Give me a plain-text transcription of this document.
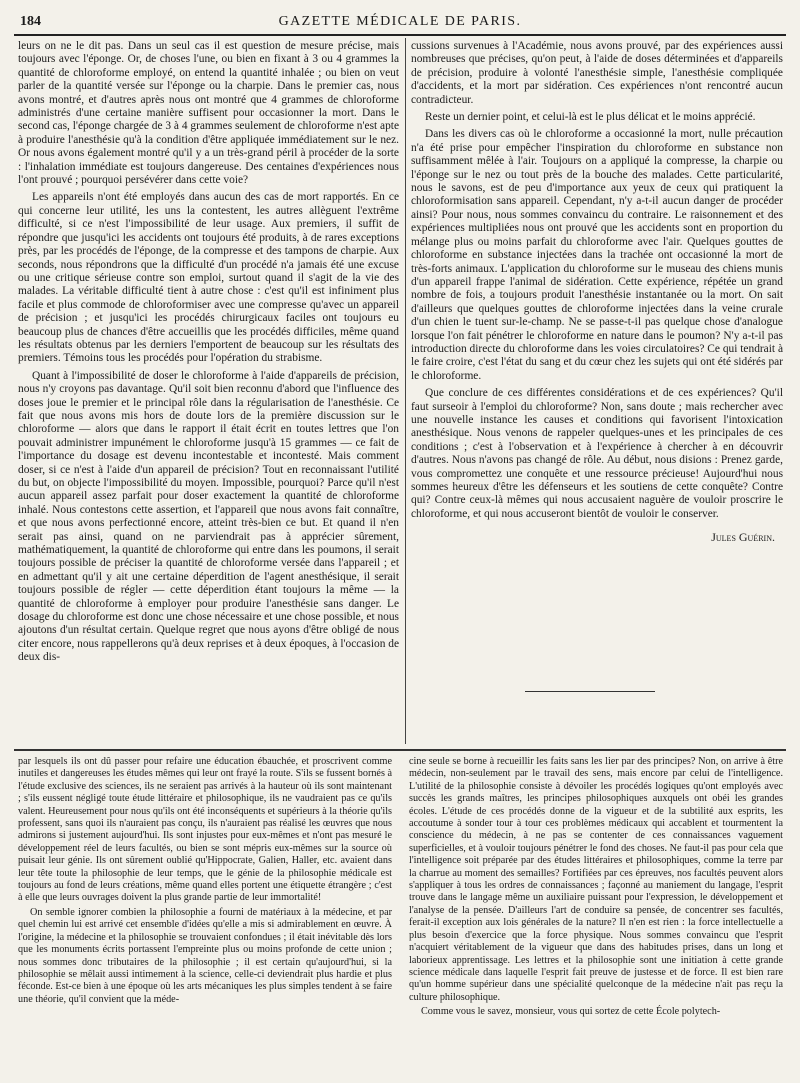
184	GAZETTE MÉDICALE DE PARIS.

leurs on ne le dit pas. Dans un seul cas il est question de mesure précise, mais toujours avec l'éponge. Or, de choses l'une, ou bien en fixant à 3 ou 4 grammes la quantité de chloroforme employé, on entend la quantité inhalée ; ou bien on veut parler de la quantité versée sur l'éponge ou la charpie. Dans le premier cas, nous avons montré, et d'autres après nous ont montré que 4 grammes de chloroforme administrés d'une certaine manière suffisent pour occasionner la mort. Dans le second cas, l'éponge chargée de 3 à 4 grammes seulement de chloroforme n'est apte à produire l'anesthésie qu'à la condition d'être appliquée immédiatement sur le nez. Or nous avons également montré qu'il y a un très-grand péril à procéder de la sorte : l'inhalation immédiate est toujours dangereuse. Des centaines d'expériences nous l'ont prouvé ; pourquoi persévérer dans cette voie?

Les appareils n'ont été employés dans aucun des cas de mort rapportés. En ce qui concerne leur utilité, les uns la contestent, les autres allèguent l'extrême difficulté, si ce n'est l'impossibilité de leur usage. Aux premiers, il suffit de répondre que jusqu'ici les accidents ont toujours été produits, à de rares exceptions près, par les procédés de l'éponge, de la compresse et des tampons de charpie. Aux seconds, nous répondrons que la difficulté d'un procédé n'a jamais été une excuse ou une critique sérieuse contre son emploi, surtout quand il s'agit de la vie des malades. La véritable difficulté tient à autre chose : c'est qu'il est infiniment plus facile et plus commode de chloroformiser avec une compresse qu'avec un appareil de précision ; et jusqu'ici les procédés chirurgicaux faciles ont toujours eu beaucoup plus de chances d'être accueillis que les procédés difficiles, même quand les résultats obtenus par les derniers l'emportent de beaucoup sur les résultats des premiers. Témoins tous les procédés pour l'opération du strabisme.

Quant à l'impossibilité de doser le chloroforme à l'aide d'appareils de précision, nous n'y croyons pas davantage. Qu'il soit bien reconnu d'abord que l'influence des doses joue le premier et le principal rôle dans la régularisation de l'anesthésie. Ce fait que nous avons mis hors de doute lors de la première discussion sur le chloroforme — alors que dans le rapport il était écrit en toutes lettres que l'on pouvait administrer impunément le chloroforme jusqu'à 15 grammes — ce fait de l'importance du dosage est devenu incontestable et incontesté. Mais comment doser, si ce n'est à l'aide d'un appareil de précision? Tout en reconnaissant l'utilité du but, on objecte l'impossibilité du moyen. Impossible, pourquoi? Parce qu'il n'est aucun appareil assez parfait pour doser exactement la quantité de chloroforme inhalé. Nous contestons cette assertion, et l'appareil que nous avons fait connaître, et que nous avons perfectionné encore, atteint très-bien ce but. Et quand il n'en serait pas ainsi, quand on ne parviendrait pas à apprécier sûrement, mathématiquement, la quantité de chloroforme qui entre dans les poumons, il serait toujours possible de préciser la quantité de chloroforme versée dans l'appareil ; et en admettant qu'il y ait une certaine déperdition de l'agent anesthésique, il serait toujours possible de régler — cette déperdition étant toujours la même — la quantité de chloroforme à employer pour produire l'anesthésie sans danger. Le dosage du chloroforme est donc une chose nécessaire et une chose possible, et nous ajoutons d'un résultat certain. Quelque regret que nous ayons d'être obligé de nous citer encore, nous rappellerons qu'à deux reprises et à deux époques, à l'occasion de deux dis-

cussions survenues à l'Académie, nous avons prouvé, par des expériences aussi nombreuses que précises, qu'on peut, à l'aide de doses déterminées et d'appareils de précision, produire à volonté l'anesthésie simple, l'anesthésie compliquée d'accidents, et la mort par sidération. Ces expériences n'ont rencontré aucun contradicteur.

Reste un dernier point, et celui-là est le plus délicat et le moins apprécié.

Dans les divers cas où le chloroforme a occasionné la mort, nulle précaution n'a été prise pour empêcher l'inspiration du chloroforme en substance non suffisamment mêlée à l'air. Toujours on a appliqué la compresse, la charpie ou l'éponge sur le nez ou tout près de la bouche des malades. Cette particularité, nous le savons, est de peu d'importance aux yeux de ceux qui pratiquent la chloroformisation sans appareil. Cependant, n'y a-t-il aucun danger de procéder ainsi? Pour nous, nous sommes convaincu du contraire. Le raisonnement et des expériences multipliées nous ont prouvé que les accidents sont en proportion du mélange plus ou moins parfait du chloroforme avec l'air. Quelques gouttes de chloroforme en substance injectées dans la trachée ont occasionné la mort de très-forts animaux. L'application du chloroforme sur le museau des chiens munis d'un appareil frappe l'animal de sidération. Cette expérience, répétée un grand nombre de fois, a toujours produit l'anesthésie instantanée ou la mort. On sait d'ailleurs que quelques gouttes de chloroforme injectées dans la veine crurale d'un chien le tuent sur-le-champ. Ne se passe-t-il pas quelque chose d'analogue lorsque l'on fait pénétrer le chloroforme en nature dans le poumon? N'y a-t-il pas introduction directe du chloroforme dans les voies circulatoires? Ce qui tendrait à le faire croire, c'est l'état du sang et du cœur chez les sujets qui ont été sidérés par le chloroforme.

Que conclure de ces différentes considérations et de ces expériences? Qu'il faut surseoir à l'emploi du chloroforme? Non, sans doute ; mais rechercher avec une nouvelle instance les causes et conditions qui favorisent l'intoxication anesthésique. Nous venons de rappeler quelques-unes et les principales de ces conditions ; c'est à l'observation et à l'expérience à chercher à en découvrir d'autres. Nous n'avons pas changé de rôle. Au début, nous disions : Prenez garde, vous compromettez une conquête et une ressource précieuse! Aujourd'hui nous sommes heureux d'être les défenseurs et les soutiens de cette conquête? Contre qui? Contre ceux-là mêmes qui nous accusaient naguère de vouloir proscrire le chloroforme, et qui nous accuseront bientôt de vouloir le conserver.

Jules Guérin.

par lesquels ils ont dû passer pour refaire une éducation ébauchée, et proscrivent comme inutiles et dangereuses les études mêmes qui leur ont frayé la route. S'ils se fussent bornés à l'étude exclusive des sciences, ils ne seraient pas arrivés à la hauteur où ils sont maintenant ; s'ils eussent négligé toute étude littéraire et philosophique, ils ne vaudraient pas ce qu'ils valent. Heureusement pour nous qu'ils ont été inconséquents et supérieurs à la théorie qu'ils professent, sans quoi ils n'auraient pas conçu, ils n'auraient pas réalisé les œuvres que nous admirons si justement aujourd'hui. Ils sont injustes pour eux-mêmes et n'ont pas mesuré le développement réel de leurs facultés, ou bien se sont mépris eux-mêmes sur la source où puisait leur génie. Ils ont sûrement oublié qu'Hippocrate, Galien, Haller, etc. avaient dans leur tête toute la philosophie de leur temps, que le génie de la philosophie médicale est toujours au fond de leurs créations, même quand elles portent une étiquette étrangère ; c'est à elle que leurs ouvrages doivent la plus grande partie de leur immortalité!

On semble ignorer combien la philosophie a fourni de matériaux à la médecine, et par quel chemin lui est arrivé cet ensemble d'idées qu'elle a mis si admirablement en œuvre. À l'origine, la médecine et la philosophie se trouvaient confondues ; il était inévitable dès lors que les monuments écrits portassent l'empreinte plus ou moins profonde de cette union ; nous sommes donc tributaires de la philosophie ; il est certain qu'aujourd'hui, si la philosophie se mêlait aussi intimement à la science, celle-ci deviendrait plus hardie et plus féconde. Est-ce bien à une époque où les arts mécaniques les plus simples tendent à se faire une théorie, qu'il convient que la méde-

cine seule se borne à recueillir les faits sans les lier par des principes? Non, on arrive à être médecin, non-seulement par le travail des sens, mais encore par celui de l'intelligence. L'utilité de la philosophie consiste à dévoiler les procédés logiques qu'ont employés avec succès les grands maîtres, les principes philosophiques auxquels ont obéi les grandes écoles. L'étude de ces procédés donne de la vigueur et de la subtilité aux esprits, les accoutume à sonder tour à tour ces problèmes médicaux qui accablent et tourmentent la conscience du médecin, à ne pas se contenter de ces connaissances vaguement superficielles, et à vouloir toujours pénétrer le fond des choses. Ne faut-il pas pour cela que l'intelligence soit préparée par des études littéraires et philosophiques, comme la terre par la charrue au moment des semailles? Fortifiées par ces épreuves, nos facultés peuvent alors s'appliquer à tous les ordres de connaissances ; façonné au maniement du langage, l'esprit trouve dans le langage même un auxiliaire puissant pour l'expression, le développement et l'analyse de la pensée. D'ailleurs l'art de conduire sa pensée, de concentrer ses facultés, ferait-il exception aux lois générales de la nature? Il n'en est rien : la force intellectuelle a plus besoin d'exercice que la force physique. Nous sommes convaincu que l'esprit n'acquiert véritablement de la vigueur que dans des habitudes prises, dans un long et laborieux apprentissage. Les lettres et la philosophie sont une initiation à cette grande science médicale dans laquelle l'esprit fait preuve de justesse et de force. Il est bien rare qu'un homme supérieur dans une spécialité quelconque de la médecine n'ait pas reçu la culture philosophique.

Comme vous le savez, monsieur, vous qui sortez de cette École polytech-
